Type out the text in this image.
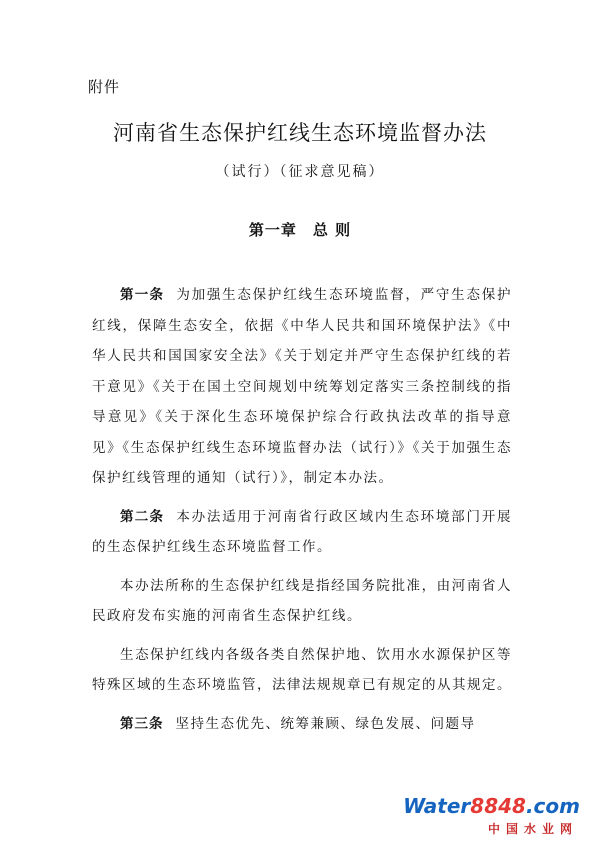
附件
河南省生态保护红线生态环境监督办法
（试行）（征求意见稿）
第一章　总 则

第一条 为加强生态保护红线生态环境监督，严守生态保护红线，保障生态安全，依据《中华人民共和国环境保护法》《中华人民共和国国家安全法》《关于划定并严守生态保护红线的若干意见》《关于在国土空间规划中统筹划定落实三条控制线的指导意见》《关于深化生态环境保护综合行政执法改革的指导意见》《生态保护红线生态环境监督办法（试行）》《关于加强生态保护红线管理的通知（试行）》，制定本办法。

第二条 本办法适用于河南省行政区域内生态环境部门开展的生态保护红线生态环境监督工作。

本办法所称的生态保护红线是指经国务院批准，由河南省人民政府发布实施的河南省生态保护红线。

生态保护红线内各级各类自然保护地、饮用水水源保护区等特殊区域的生态环境监管，法律法规规章已有规定的从其规定。

第三条 坚持生态优先、统筹兼顾、绿色发展、问题导

Water8848.com
中国水业网
